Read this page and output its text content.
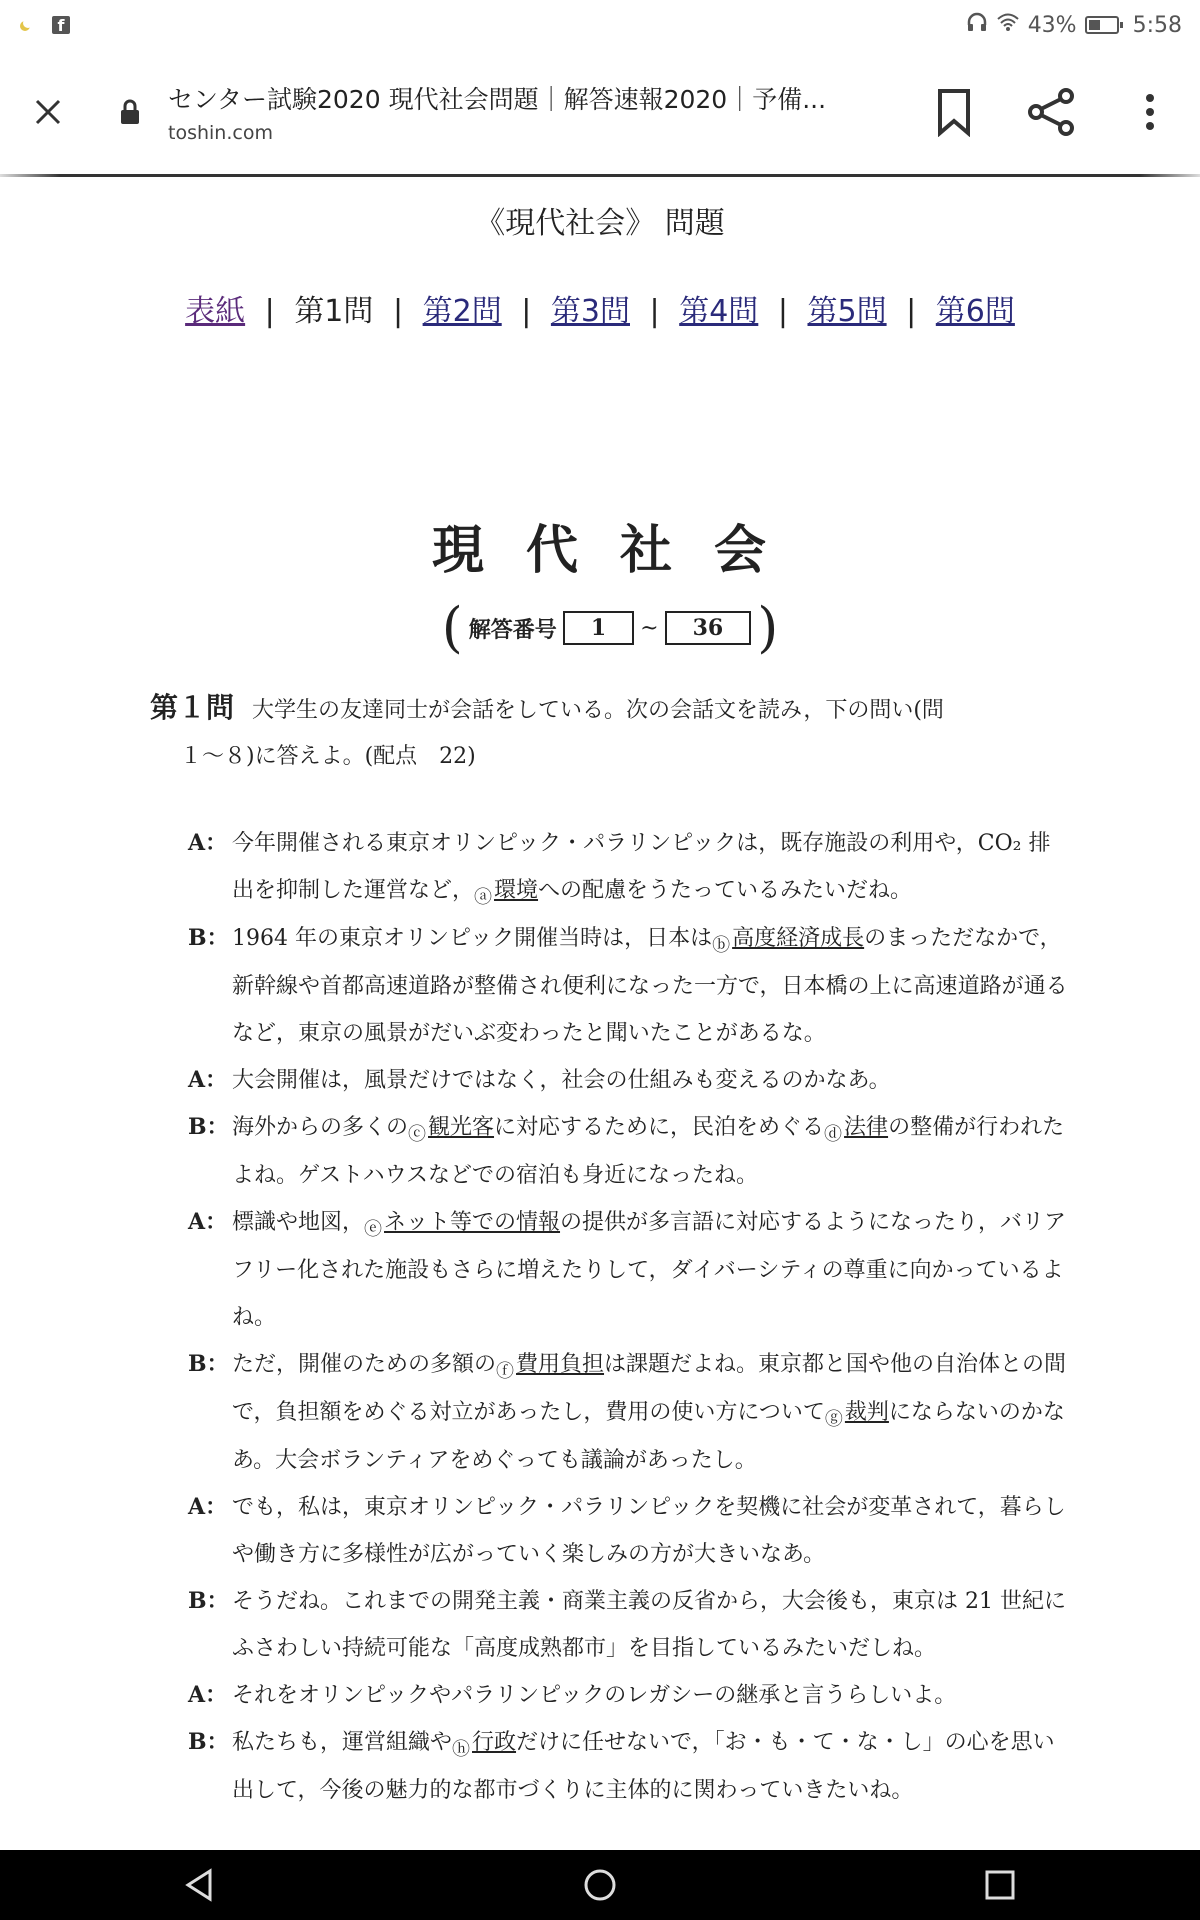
f	43%	5:58
センター試験2020 現代社会問題｜解答速報2020｜予備...
toshin.com
《現代社会》 問題
表紙 | 第1問 | 第2問 | 第3問 | 第4問 | 第5問 | 第6問
現代社会
( 解答番号	1	~	36 )
第１問 大学生の友達同士が会話をしている。次の会話文を読み，下の問い(問
１～８)に答えよ。(配点　22)
A： 今年開催される東京オリンピック・パラリンピックは，既存施設の利用や，CO₂ 排出を抑制した運営など，ⓐ環境への配慮をうたっているみたいだね。
B： 1964 年の東京オリンピック開催当時は，日本はⓑ高度経済成長のまっただなかで，新幹線や首都高速道路が整備され便利になった一方で，日本橋の上に高速道路が通るなど，東京の風景がだいぶ変わったと聞いたことがあるな。
A： 大会開催は，風景だけではなく，社会の仕組みも変えるのかなあ。
B： 海外からの多くのⓒ観光客に対応するために，民泊をめぐるⓓ法律の整備が行われたよね。ゲストハウスなどでの宿泊も身近になったね。
A： 標識や地図，ⓔネット等での情報の提供が多言語に対応するようになったり，バリアフリー化された施設もさらに増えたりして，ダイバーシティの尊重に向かっているよね。
B： ただ，開催のための多額のⓕ費用負担は課題だよね。東京都と国や他の自治体との間で，負担額をめぐる対立があったし，費用の使い方についてⓖ裁判にならないのかなあ。大会ボランティアをめぐっても議論があったし。
A： でも，私は，東京オリンピック・パラリンピックを契機に社会が変革されて，暮らしや働き方に多様性が広がっていく楽しみの方が大きいなあ。
B： そうだね。これまでの開発主義・商業主義の反省から，大会後も，東京は 21 世紀にふさわしい持続可能な「高度成熟都市」を目指しているみたいだしね。
A： それをオリンピックやパラリンピックのレガシーの継承と言うらしいよ。
B： 私たちも，運営組織やⓗ行政だけに任せないで，「お・も・て・な・し」の心を思い出して，今後の魅力的な都市づくりに主体的に関わっていきたいね。
